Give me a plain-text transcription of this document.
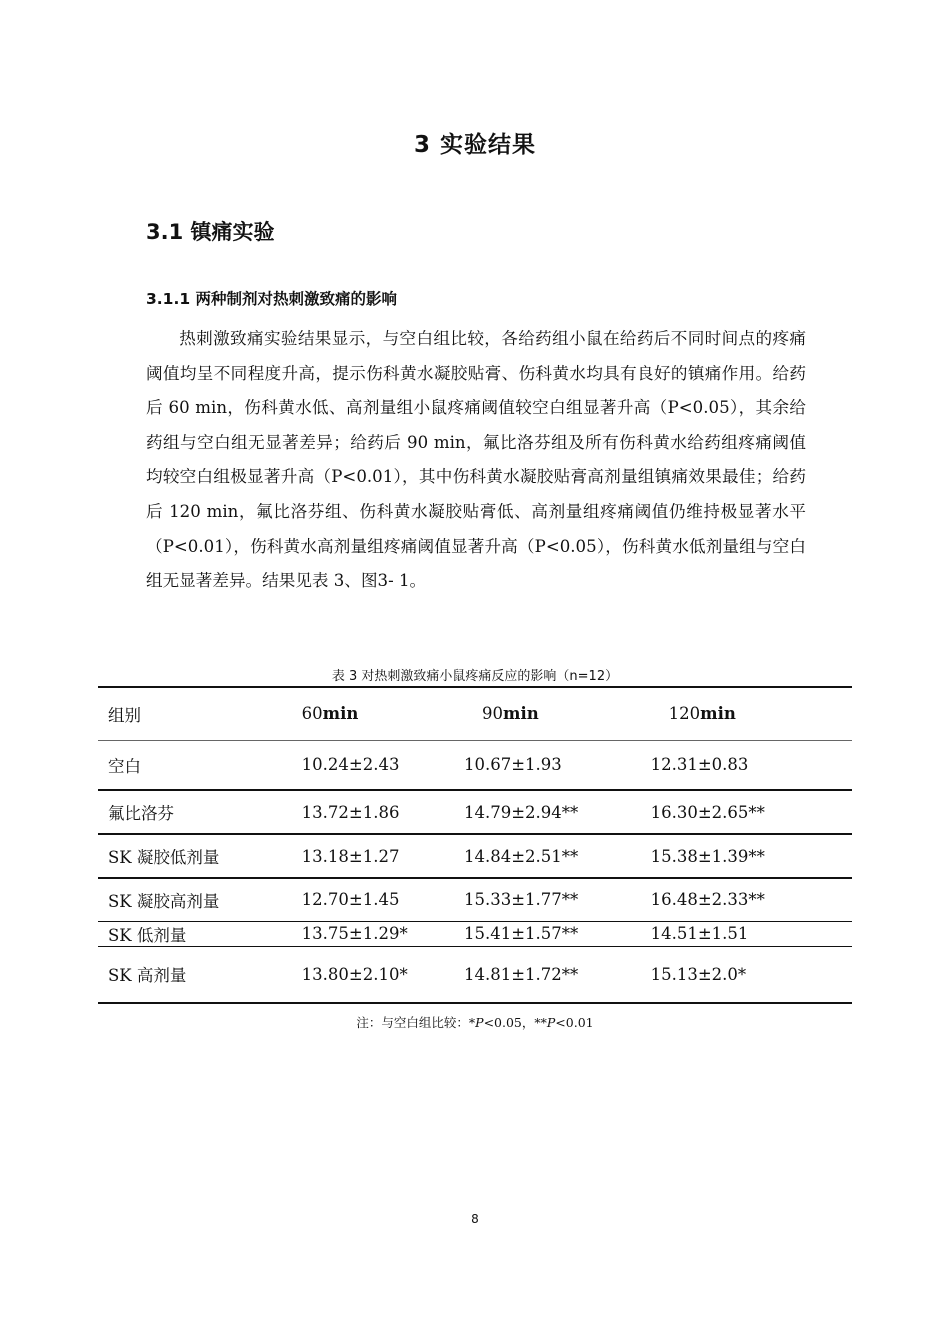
3 实验结果
3.1 镇痛实验
3.1.1 两种制剂对热刺激致痛的影响

热刺激致痛实验结果显示，与空白组比较，各给药组小鼠在给药后不同时间点的疼痛阈值均呈不同程度升高，提示伤科黄水凝胶贴膏、伤科黄水均具有良好的镇痛作用。给药后 60 min，伤科黄水低、高剂量组小鼠疼痛阈值较空白组显著升高（P<0.05），其余给药组与空白组无显著差异；给药后 90 min，氟比洛芬组及所有伤科黄水给药组疼痛阈值均较空白组极显著升高（P<0.01），其中伤科黄水凝胶贴膏高剂量组镇痛效果最佳；给药后 120 min，氟比洛芬组、伤科黄水凝胶贴膏低、高剂量组疼痛阈值仍维持极显著水平（P<0.01），伤科黄水高剂量组疼痛阈值显著升高（P<0.05），伤科黄水低剂量组与空白组无显著差异。结果见表 3、图3- 1。

表 3 对热刺激致痛小鼠疼痛反应的影响（n=12）
组别	60min	90min	120min
空白	10.24±2.43	10.67±1.93	12.31±0.83
氟比洛芬	13.72±1.86	14.79±2.94**	16.30±2.65**
SK 凝胶低剂量	13.18±1.27	14.84±2.51**	15.38±1.39**
SK 凝胶高剂量	12.70±1.45	15.33±1.77**	16.48±2.33**
SK 低剂量	13.75±1.29*	15.41±1.57**	14.51±1.51
SK 高剂量	13.80±2.10*	14.81±1.72**	15.13±2.0*
注：与空白组比较：*P<0.05，**P<0.01
8
